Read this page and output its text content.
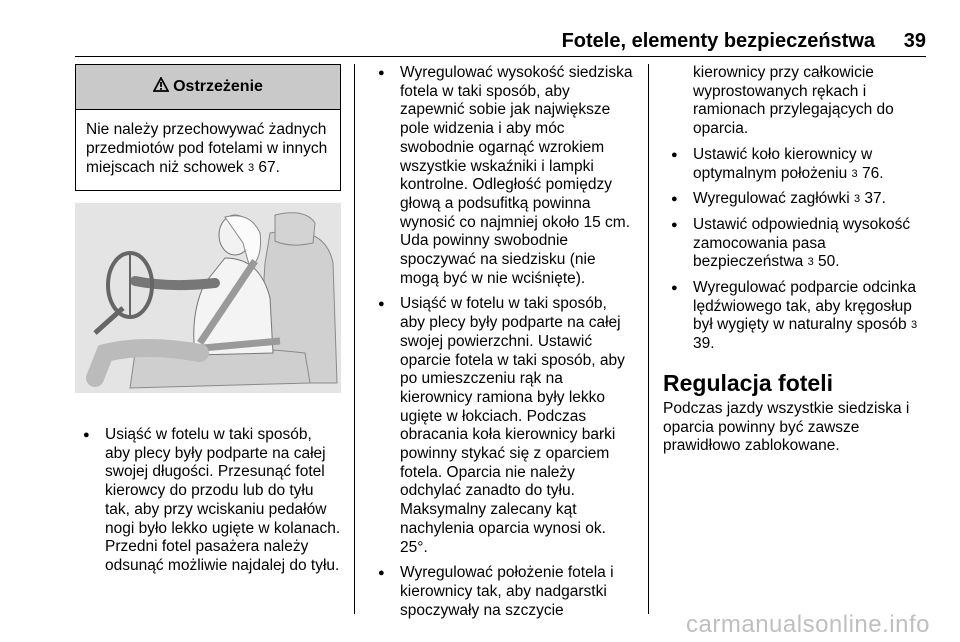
Fotele, elementy bezpieczeństwa 39
Ostrzeżenie
Nie należy przechowywać żadnych przedmiotów pod fotelami w innych miejscach niż schowek 3 67.
● Usiąść w fotelu w taki sposób, aby plecy były podparte na całej swojej długości. Przesunąć fotel kierowcy do przodu lub do tyłu tak, aby przy wciskaniu pedałów nogi było lekko ugięte w kolanach. Przedni fotel pasażera należy odsunąć możliwie najdalej do tyłu.
● Wyregulować wysokość siedziska fotela w taki sposób, aby zapewnić sobie jak największe pole widzenia i aby móc swobodnie ogarnąć wzrokiem wszystkie wskaźniki i lampki kontrolne. Odległość pomiędzy głową a podsufitką powinna wynosić co najmniej około 15 cm. Uda powinny swobodnie spoczywać na siedzisku (nie mogą być w nie wciśnięte).
● Usiąść w fotelu w taki sposób, aby plecy były podparte na całej swojej powierzchni. Ustawić oparcie fotela w taki sposób, aby po umieszczeniu rąk na kierownicy ramiona były lekko ugięte w łokciach. Podczas obracania koła kierownicy barki powinny stykać się z oparciem fotela. Oparcia nie należy odchylać zanadto do tyłu. Maksymalny zalecany kąt nachylenia oparcia wynosi ok. 25°.
● Wyregulować położenie fotela i kierownicy tak, aby nadgarstki spoczywały na szczycie
kierownicy przy całkowicie wyprostowanych rękach i ramionach przylegających do oparcia.
● Ustawić koło kierownicy w optymalnym położeniu 3 76.
● Wyregulować zagłówki 3 37.
● Ustawić odpowiednią wysokość zamocowania pasa bezpieczeństwa 3 50.
● Wyregulować podparcie odcinka lędźwiowego tak, aby kręgosłup był wygięty w naturalny sposób 3 39.
Regulacja foteli
Podczas jazdy wszystkie siedziska i oparcia powinny być zawsze prawidłowo zablokowane.
carmanualsonline.info
